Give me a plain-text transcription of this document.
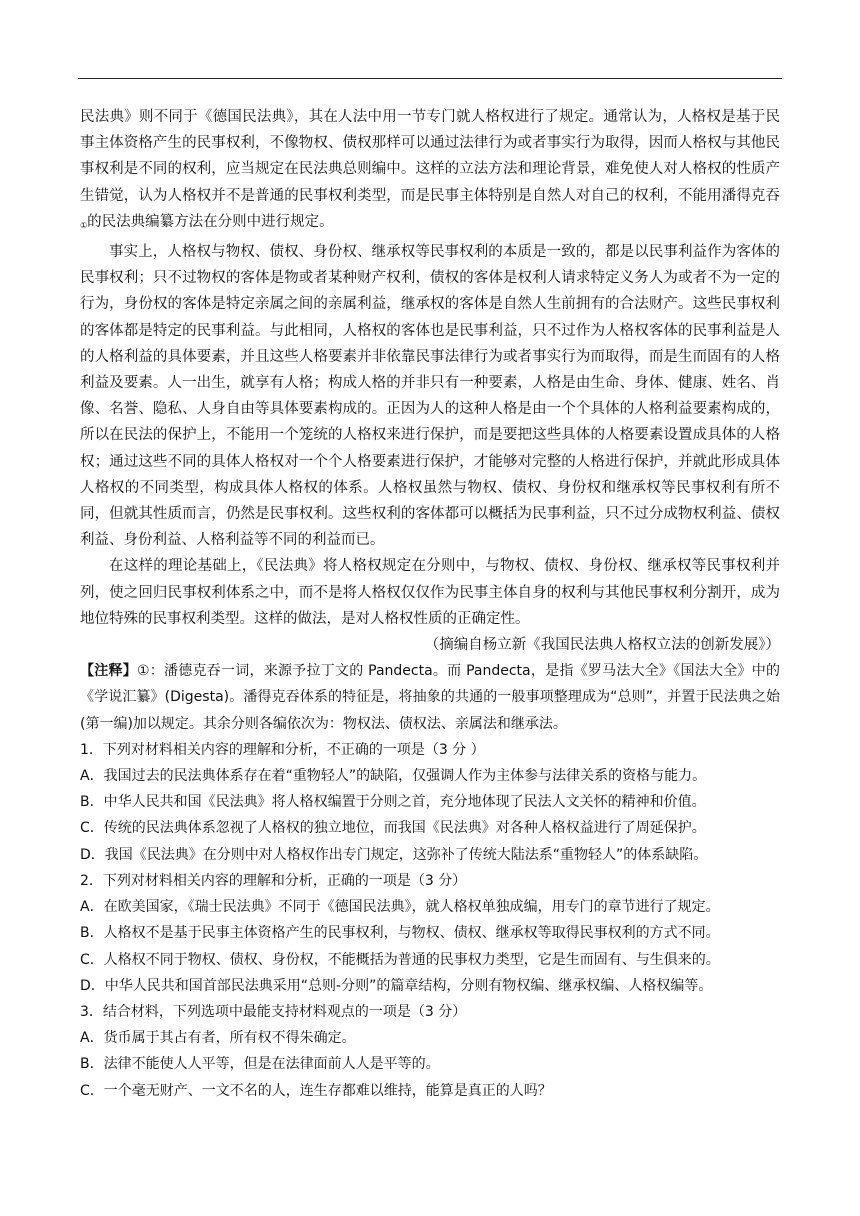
民法典》则不同于《德国民法典》，其在人法中用一节专门就人格权进行了规定。通常认为，人格权是基于民事主体资格产生的民事权利，不像物权、债权那样可以通过法律行为或者事实行为取得，因而人格权与其他民事权利是不同的权利，应当规定在民法典总则编中。这样的立法方法和理论背景，难免使人对人格权的性质产生错觉，认为人格权并不是普通的民事权利类型，而是民事主体特别是自然人对自己的权利，不能用潘得克吞$_①$的民法典编纂方法在分则中进行规定。

事实上，人格权与物权、债权、身份权、继承权等民事权利的本质是一致的，都是以民事利益作为客体的民事权利；只不过物权的客体是物或者某种财产权利，债权的客体是权利人请求特定义务人为或者不为一定的行为，身份权的客体是特定亲属之间的亲属利益，继承权的客体是自然人生前拥有的合法财产。这些民事权利的客体都是特定的民事利益。与此相同，人格权的客体也是民事利益，只不过作为人格权客体的民事利益是人的人格利益的具体要素，并且这些人格要素并非依靠民事法律行为或者事实行为而取得，而是生而固有的人格利益及要素。人一出生，就享有人格；构成人格的并非只有一种要素，人格是由生命、身体、健康、姓名、肖像、名誉、隐私、人身自由等具体要素构成的。正因为人的这种人格是由一个个具体的人格利益要素构成的，所以在民法的保护上，不能用一个笼统的人格权来进行保护，而是要把这些具体的人格要素设置成具体的人格权；通过这些不同的具体人格权对一个个人格要素进行保护，才能够对完整的人格进行保护，并就此形成具体人格权的不同类型，构成具体人格权的体系。人格权虽然与物权、债权、身份权和继承权等民事权利有所不同，但就其性质而言，仍然是民事权利。这些权利的客体都可以概括为民事利益，只不过分成物权利益、债权利益、身份利益、人格利益等不同的利益而已。

在这样的理论基础上，《民法典》将人格权规定在分则中，与物权、债权、身份权、继承权等民事权利并列，使之回归民事权利体系之中，而不是将人格权仅仅作为民事主体自身的权利与其他民事权利分割开，成为地位特殊的民事权利类型。这样的做法，是对人格权性质的正确定性。

（摘编自杨立新《我国民法典人格权立法的创新发展》）

【注释】①：潘德克吞一词，来源予拉丁文的 Pandecta。而 Pandecta，是指《罗马法大全》《国法大全》中的《学说汇纂》(Digesta)。潘得克吞体系的特征是，将抽象的共通的一般事项整理成为“总则”，并置于民法典之始(第一编)加以规定。其余分则各编依次为：物权法、债权法、亲属法和继承法。

1．下列对材料相关内容的理解和分析，不正确的一项是（3 分 ）

A．我国过去的民法典体系存在着“重物轻人”的缺陷，仅强调人作为主体参与法律关系的资格与能力。

B．中华人民共和国《民法典》将人格权编置于分则之首，充分地体现了民法人文关怀的精神和价值。

C．传统的民法典体系忽视了人格权的独立地位，而我国《民法典》对各种人格权益进行了周延保护。

D．我国《民法典》在分则中对人格权作出专门规定，这弥补了传统大陆法系“重物轻人”的体系缺陷。

2．下列对材料相关内容的理解和分析，正确的一项是（3 分）

A．在欧美国家，《瑞士民法典》不同于《德国民法典》，就人格权单独成编，用专门的章节进行了规定。

B．人格权不是基于民事主体资格产生的民事权利，与物权、债权、继承权等取得民事权利的方式不同。

C．人格权不同于物权、债权、身份权，不能概括为普通的民事权力类型，它是生而固有、与生俱来的。

D．中华人民共和国首部民法典采用“总则-分则”的篇章结构，分则有物权编、继承权编、人格权编等。

3．结合材料，下列选项中最能支持材料观点的一项是（3 分）

A．货币属于其占有者，所有权不得朱确定。

B．法律不能使人人平等，但是在法律面前人人是平等的。

C．一个毫无财产、一文不名的人，连生存都难以维持，能算是真正的人吗？
